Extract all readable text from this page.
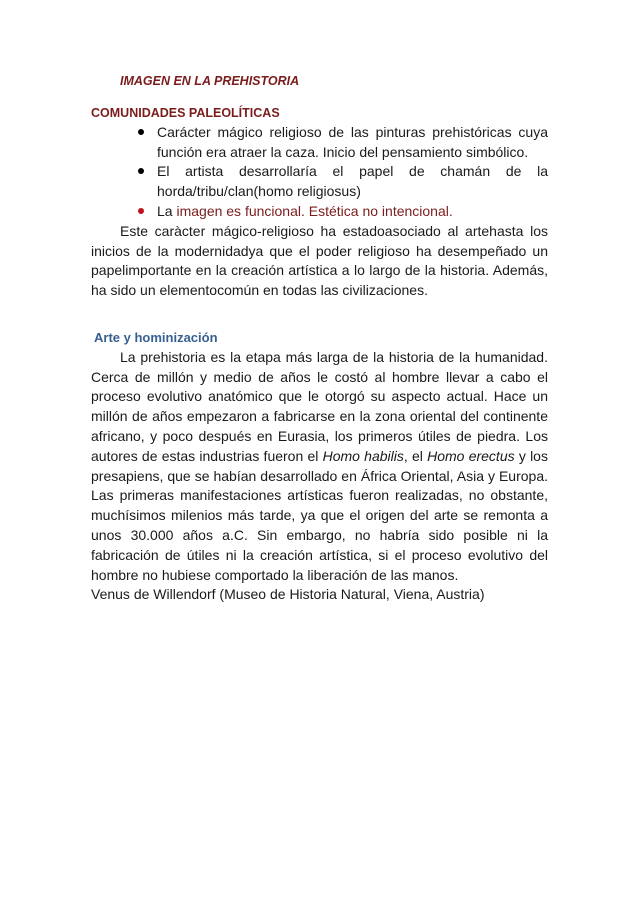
IMAGEN EN LA PREHISTORIA
COMUNIDADES PALEOLÍTICAS
Carácter mágico religioso de las pinturas prehistóricas cuya función era atraer la caza. Inicio del pensamiento simbólico.
El artista desarrollaría el papel de chamán de la horda/tribu/clan(homo religiosus)
La imagen es funcional. Estética no intencional.

Este caràcter mágico-religioso ha estadoasociado al artehasta los inicios de la modernidadya que el poder religioso ha desempeñado un papelimportante en la creación artística a lo largo de la historia. Además, ha sido un elementocomún en todas las civilizaciones.

Arte y hominización

La prehistoria es la etapa más larga de la historia de la humanidad. Cerca de millón y medio de años le costó al hombre llevar a cabo el proceso evolutivo anatómico que le otorgó su aspecto actual. Hace un millón de años empezaron a fabricarse en la zona oriental del continente africano, y poco después en Eurasia, los primeros útiles de piedra. Los autores de estas industrias fueron el Homo habilis, el Homo erectus y los presapiens, que se habían desarrollado en África Oriental, Asia y Europa. Las primeras manifestaciones artísticas fueron realizadas, no obstante, muchísimos milenios más tarde, ya que el origen del arte se remonta a unos 30.000 años a.C. Sin embargo, no habría sido posible ni la fabricación de útiles ni la creación artística, si el proceso evolutivo del hombre no hubiese comportado la liberación de las manos.

Venus de Willendorf (Museo de Historia Natural, Viena, Austria)
